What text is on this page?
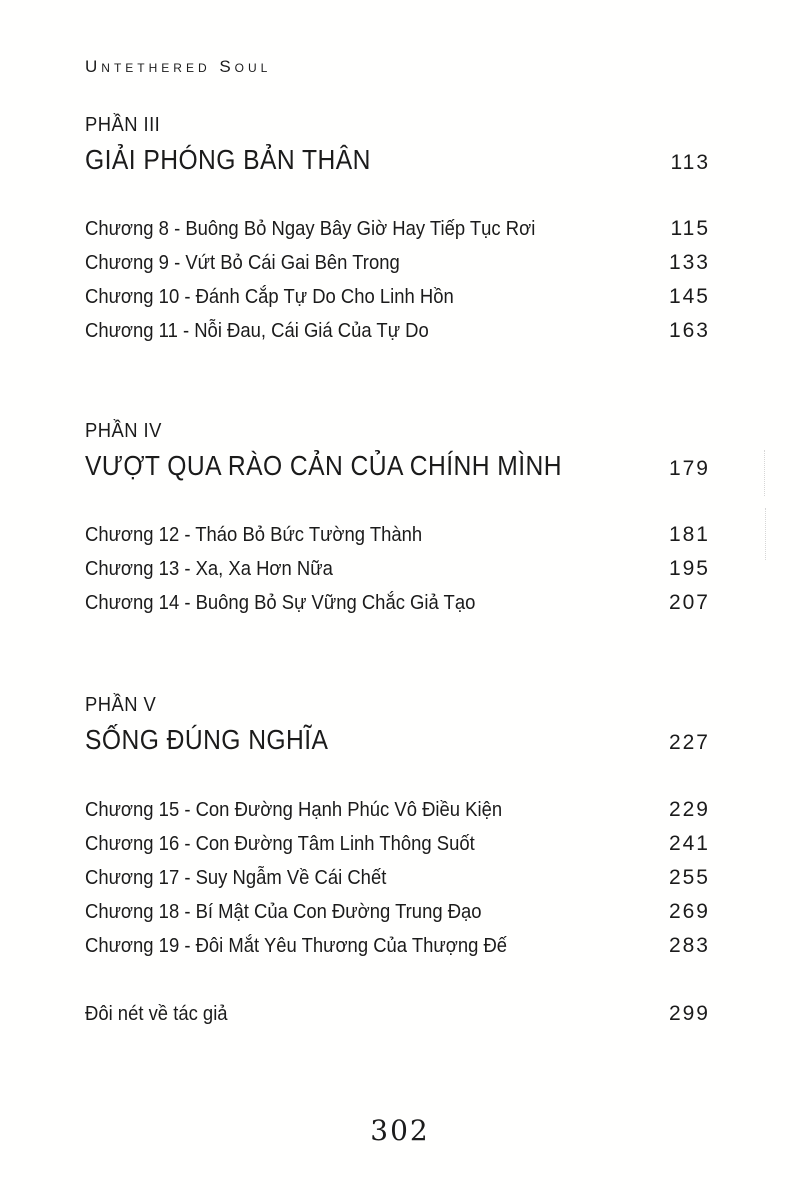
Untethered Soul
PHẦN III
GIẢI PHÓNG BẢN THÂN	113
Chương 8 - Buông Bỏ Ngay Bây Giờ Hay Tiếp Tục Rơi	115
Chương 9 - Vứt Bỏ Cái Gai Bên Trong	133
Chương 10 - Đánh Cắp Tự Do Cho Linh Hồn	145
Chương 11 - Nỗi Đau, Cái Giá Của Tự Do	163
PHẦN IV
VƯỢT QUA RÀO CẢN CỦA CHÍNH MÌNH	179
Chương 12 - Tháo Bỏ Bức Tường Thành	181
Chương 13 - Xa, Xa Hơn Nữa	195
Chương 14 - Buông Bỏ Sự Vững Chắc Giả Tạo	207
PHẦN V
SỐNG ĐÚNG NGHĨA	227
Chương 15 - Con Đường Hạnh Phúc Vô Điều Kiện	229
Chương 16 - Con Đường Tâm Linh Thông Suốt	241
Chương 17 - Suy Ngẫm Về Cái Chết	255
Chương 18 - Bí Mật Của Con Đường Trung Đạo	269
Chương 19 - Đôi Mắt Yêu Thương Của Thượng Đế	283
Đôi nét về tác giả	299
302
